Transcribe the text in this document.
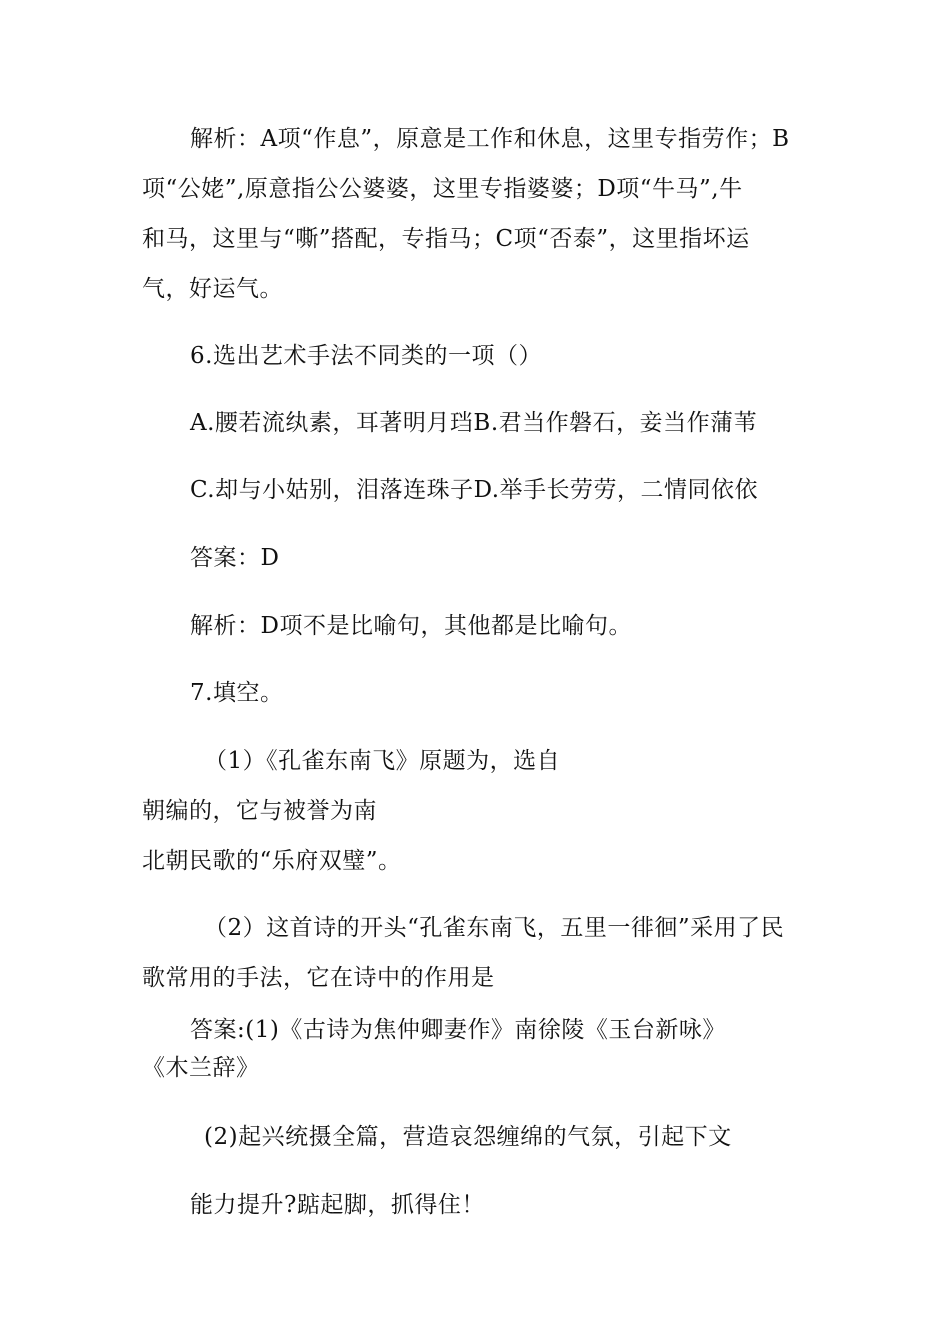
解析：A项“作息”，原意是工作和休息，这里专指劳作；B
项“公姥”,原意指公公婆婆，这里专指婆婆；D项“牛马”,牛
和马，这里与“嘶”搭配，专指马；C项“否泰”，这里指坏运
气，好运气。
6.选出艺术手法不同类的一项（）
A.腰若流纨素，耳著明月珰B.君当作磐石，妾当作蒲苇
C.却与小姑别，泪落连珠子D.举手长劳劳，二情同依依
答案：D
解析：D项不是比喻句，其他都是比喻句。
7.填空。
（1）《孔雀东南飞》原题为，选自
朝编的，它与被誉为南
北朝民歌的“乐府双璧”。
（2）这首诗的开头“孔雀东南飞，五里一徘徊”采用了民
歌常用的手法，它在诗中的作用是
答案:(1)《古诗为焦仲卿妻作》南徐陵《玉台新咏》
《木兰辞》
(2)起兴统摄全篇，营造哀怨缠绵的气氛，引起下文
能力提升?踮起脚，抓得住！
